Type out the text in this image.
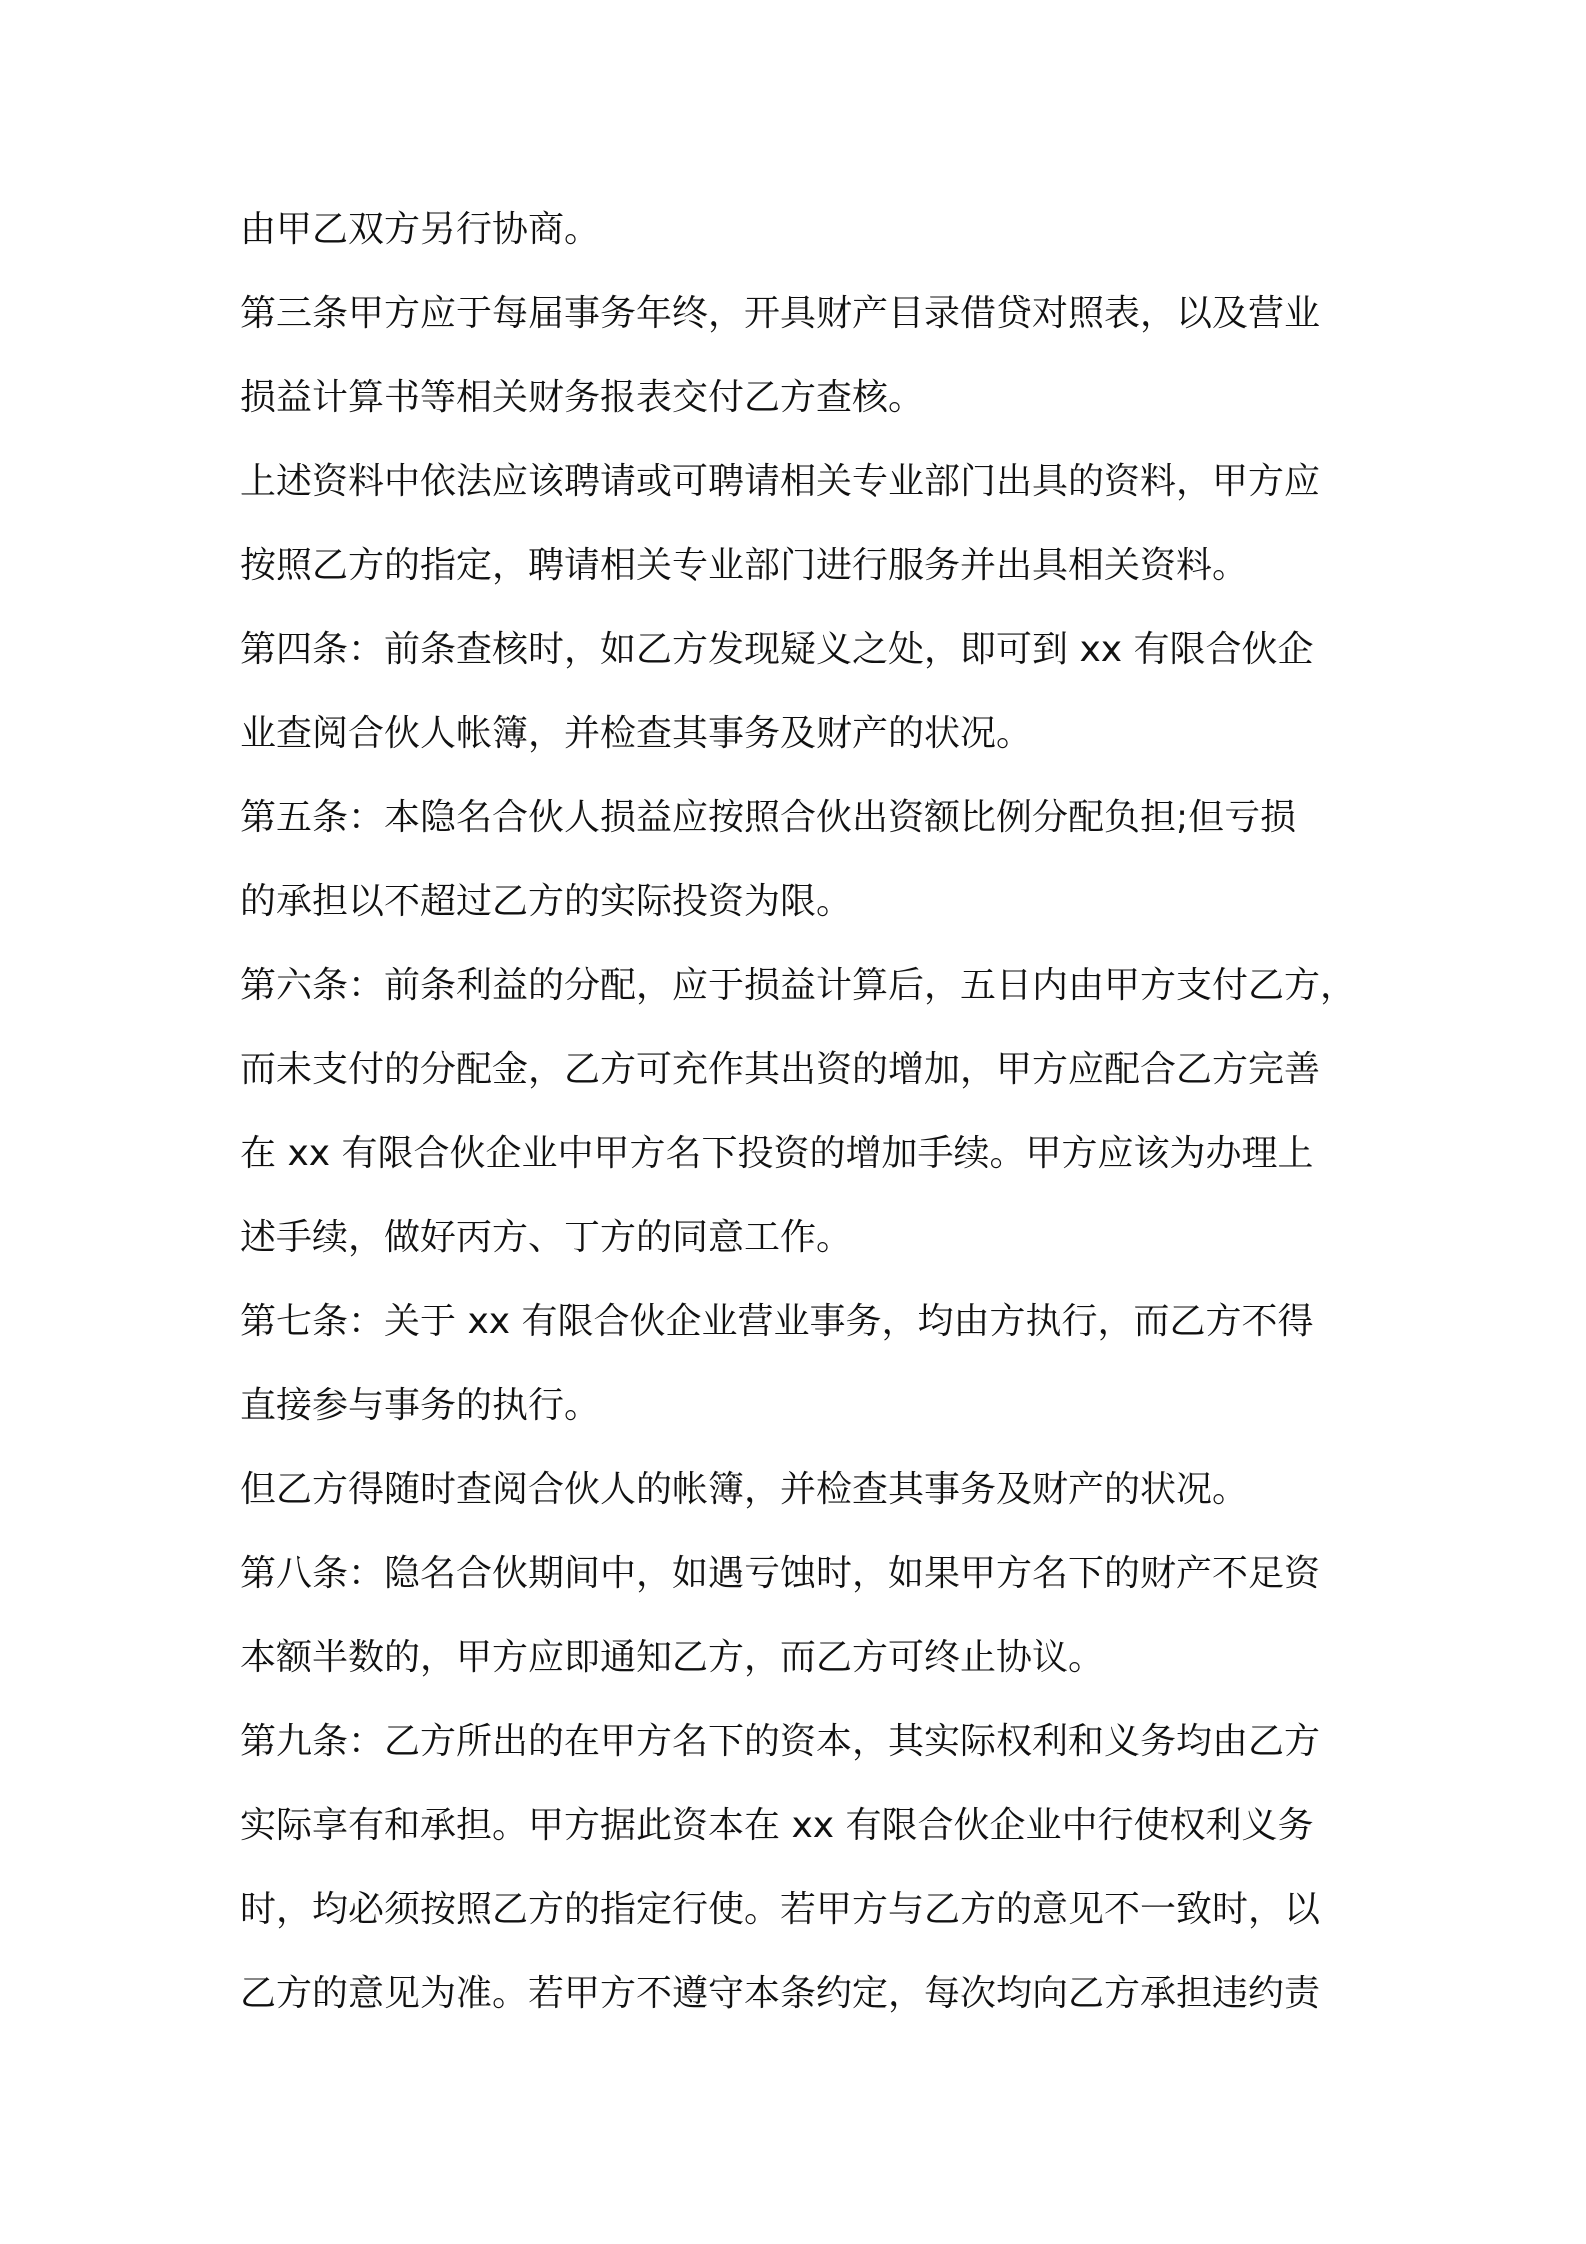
由甲乙双方另行协商。
第三条甲方应于每届事务年终，开具财产目录借贷对照表，以及营业
损益计算书等相关财务报表交付乙方查核。
上述资料中依法应该聘请或可聘请相关专业部门出具的资料，甲方应
按照乙方的指定，聘请相关专业部门进行服务并出具相关资料。
第四条：前条查核时，如乙方发现疑义之处，即可到 xx 有限合伙企
业查阅合伙人帐簿，并检查其事务及财产的状况。
第五条：本隐名合伙人损益应按照合伙出资额比例分配负担;但亏损
的承担以不超过乙方的实际投资为限。
第六条：前条利益的分配，应于损益计算后，五日内由甲方支付乙方，
而未支付的分配金，乙方可充作其出资的增加，甲方应配合乙方完善
在 xx 有限合伙企业中甲方名下投资的增加手续。甲方应该为办理上
述手续，做好丙方、丁方的同意工作。
第七条：关于 xx 有限合伙企业营业事务，均由方执行，而乙方不得
直接参与事务的执行。
但乙方得随时查阅合伙人的帐簿，并检查其事务及财产的状况。
第八条：隐名合伙期间中，如遇亏蚀时，如果甲方名下的财产不足资
本额半数的，甲方应即通知乙方，而乙方可终止协议。
第九条：乙方所出的在甲方名下的资本，其实际权利和义务均由乙方
实际享有和承担。甲方据此资本在 xx 有限合伙企业中行使权利义务
时，均必须按照乙方的指定行使。若甲方与乙方的意见不一致时，以
乙方的意见为准。若甲方不遵守本条约定，每次均向乙方承担违约责
